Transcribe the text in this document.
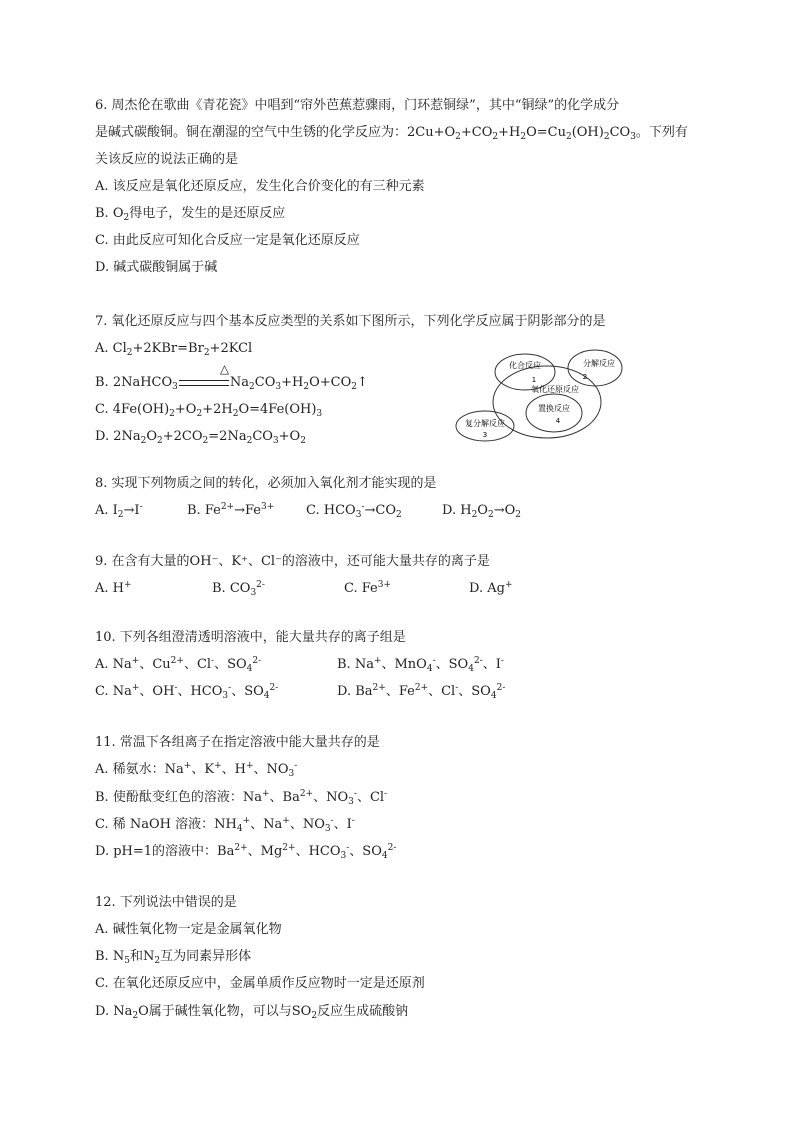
6. 周杰伦在歌曲《青花瓷》中唱到“帘外芭蕉惹骤雨，门环惹铜绿”，其中“铜绿”的化学成分
是碱式碳酸铜。铜在潮湿的空气中生锈的化学反应为：$2Cu+O_2+CO_2+H_2O=Cu_2(OH)_2CO_3$。下列有
关该反应的说法正确的是
A. 该反应是氧化还原反应，发生化合价变化的有三种元素
B. $O_2$得电子，发生的是还原反应
C. 由此反应可知化合反应一定是氧化还原反应
D. 碱式碳酸铜属于碱
7. 氧化还原反应与四个基本反应类型的关系如下图所示，下列化学反应属于阴影部分的是
A. $Cl_2+2KBr=Br_2+2KCl$
B. 2NaHCO$_3$
△
$Na_2CO_3+H_2O+CO_2↑$
C. $4Fe(OH)_2+O_2+2H_2O=4Fe(OH)_3$
D. $2Na_2O_2+2CO_2=2Na_2CO_3+O_2$
化合反应
1
分解反应
2
氧化还原反应
置换反应
4
复分解反应
3
8. 实现下列物质之间的转化，必须加入氧化剂才能实现的是
A. $I_2\to I^-$	B. $Fe^{2+}\to Fe^{3+}$ C. $HCO_3^-\to CO_2$	D. $H_2O_2\to O_2$
9. 在含有大量的OH⁻、K⁺、Cl⁻的溶液中，还可能大量共存的离子是
A. H+	B. $CO_3^{2-}$	C. $Fe^{3+}$	D. Ag+
10. 下列各组澄清透明溶液中，能大量共存的离子组是
A. Na+、$Cu^{2+}$、Cl-、$SO_4^{2-}$	B. Na+、MnO$_4$-、$SO_4^{2-}$、I-
C. Na+、OH-、$HCO_3^-$、$SO_4^{2-}$	D. $Ba^{2+}$、$Fe^{2+}$、Cl-、$SO_4^{2-}$
11. 常温下各组离子在指定溶液中能大量共存的是
A. 稀氨水：Na+、K+、H+、$NO_3^-$
B. 使酚酞变红色的溶液：Na+、$Ba^{2+}$、$NO_3^-$、Cl-
C. 稀 NaOH 溶液：$NH_4^+$、Na+、$NO_3^-$、I-
D. pH=1的溶液中：$Ba^{2+}$、$Mg^{2+}$、$HCO_3^-$、$SO_4^{2-}$
12. 下列说法中错误的是
A. 碱性氧化物一定是金属氧化物
B. $N_5$和$N_2$互为同素异形体
C. 在氧化还原反应中，金属单质作反应物时一定是还原剂
D. $Na_2O$属于碱性氧化物，可以与$SO_2$反应生成硫酸钠
